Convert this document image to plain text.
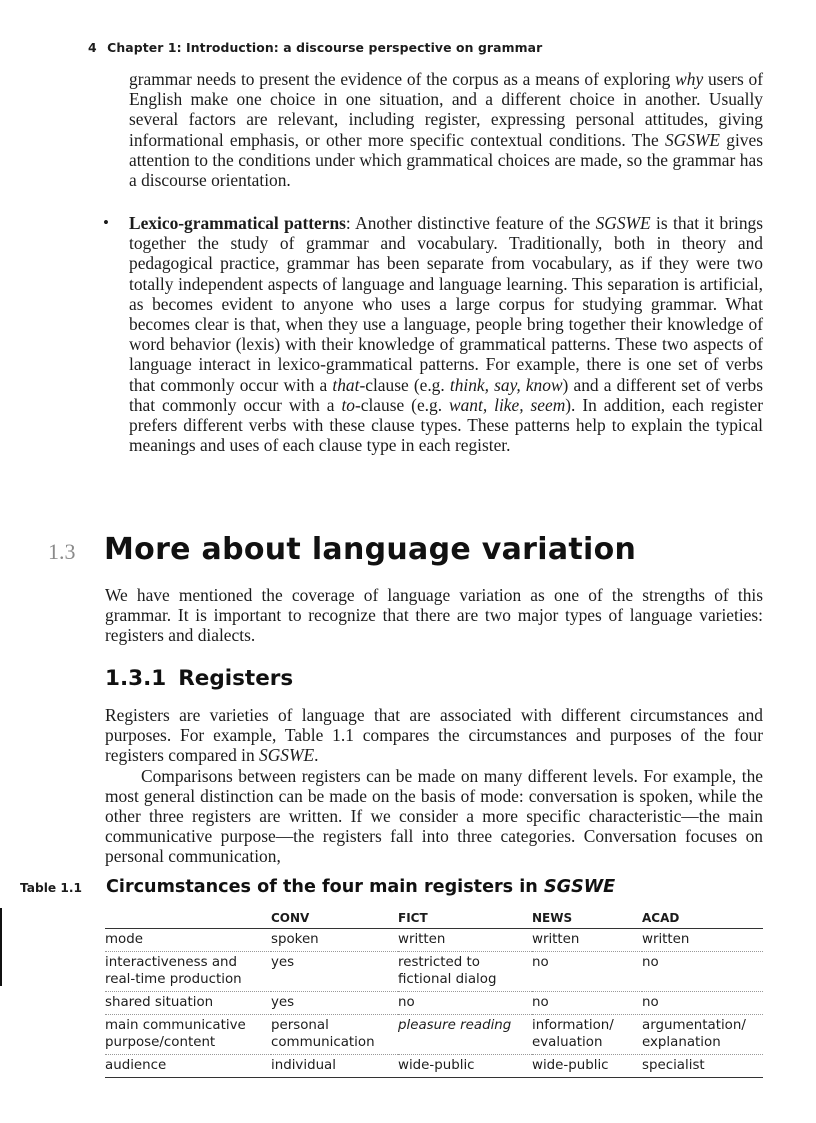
4 Chapter 1: Introduction: a discourse perspective on grammar

grammar needs to present the evidence of the corpus as a means of exploring why users of English make one choice in one situation, and a different choice in another. Usually several factors are relevant, including register, expressing personal attitudes, giving informational emphasis, or other more specific contextual conditions. The SGSWE gives attention to the conditions under which grammatical choices are made, so the grammar has a discourse orientation.

•	Lexico-grammatical patterns: Another distinctive feature of the SGSWE is that it brings together the study of grammar and vocabulary. Traditionally, both in theory and pedagogical practice, grammar has been separate from vocabulary, as if they were two totally independent aspects of language and language learning. This separation is artificial, as becomes evident to anyone who uses a large corpus for studying grammar. What becomes clear is that, when they use a language, people bring together their knowledge of word behavior (lexis) with their knowledge of grammatical patterns. These two aspects of language interact in lexico-grammatical patterns. For example, there is one set of verbs that commonly occur with a that-clause (e.g. think, say, know) and a different set of verbs that commonly occur with a to-clause (e.g. want, like, seem). In addition, each register prefers different verbs with these clause types. These patterns help to explain the typical meanings and uses of each clause type in each register.

1.3 More about language variation

We have mentioned the coverage of language variation as one of the strengths of this grammar. It is important to recognize that there are two major types of language varieties: registers and dialects.

1.3.1 Registers

Registers are varieties of language that are associated with different circumstances and purposes. For example, Table 1.1 compares the circumstances and purposes of the four registers compared in SGSWE.

Comparisons between registers can be made on many different levels. For example, the most general distinction can be made on the basis of mode: conversation is spoken, while the other three registers are written. If we consider a more specific characteristic—the main communicative purpose—the registers fall into three categories. Conversation focuses on personal communication,

Table 1.1	Circumstances of the four main registers in SGSWE
	CONV	FICT	NEWS	ACAD
mode	spoken	written	written	written
interactiveness and real-time production	yes	restricted to fictional dialog	no	no
shared situation	yes	no	no	no
main communicative purpose/content	personal communication	pleasure reading	information/ evaluation	argumentation/ explanation
audience	individual	wide-public	wide-public	specialist
